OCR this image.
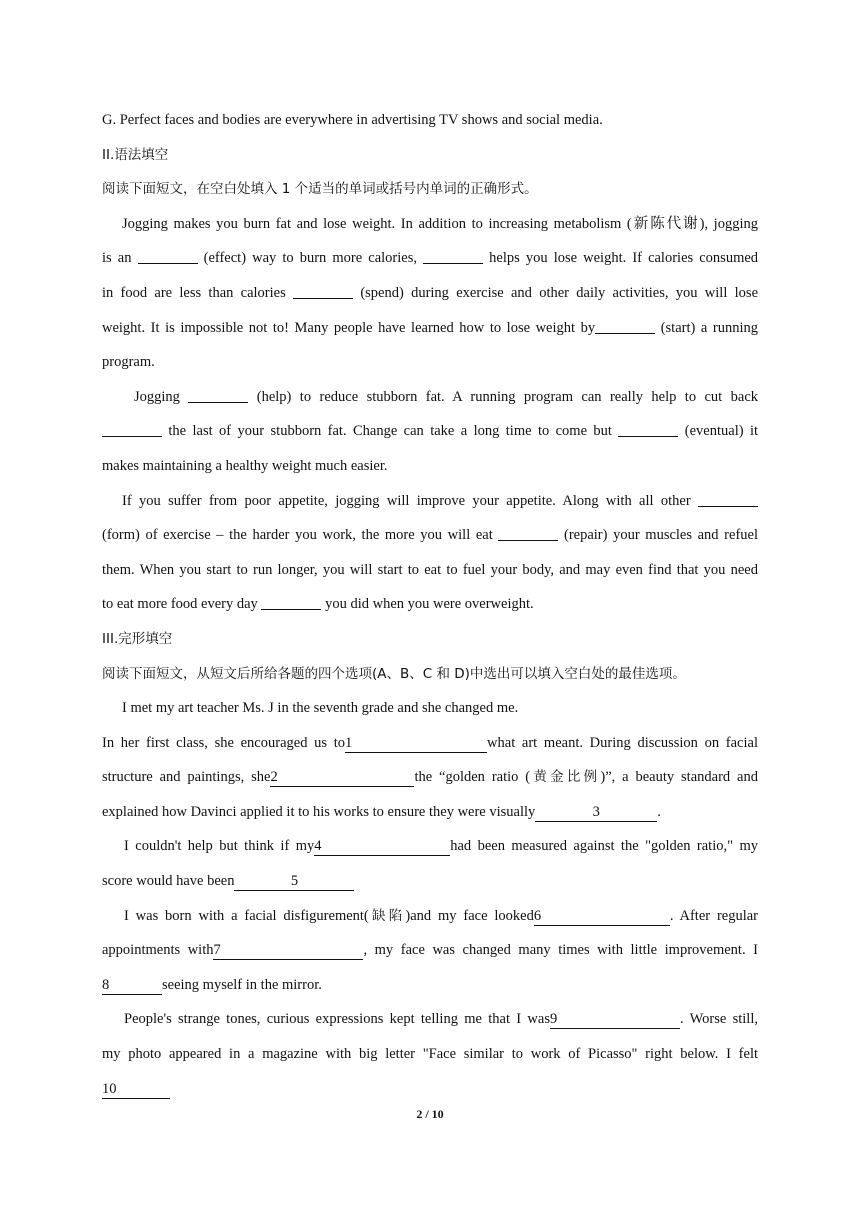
G. Perfect faces and bodies are everywhere in advertising TV shows and social media.
II.语法填空
阅读下面短文，在空白处填入 1 个适当的单词或括号内单词的正确形式。
Jogging makes you burn fat and lose weight. In addition to increasing metabolism (新陈代谢), jogging
is an	(effect) way to burn more calories,	helps you lose weight. If calories consumed
in food are less than calories	(spend) during exercise and other daily activities, you will lose
weight. It is impossible not to! Many people have learned how to lose weight by	(start) a running
program.
Jogging	(help) to reduce stubborn fat. A running program can really help to cut back
the last of your stubborn fat. Change can take a long time to come but	(eventual) it
makes maintaining a healthy weight much easier.
If you suffer from poor appetite, jogging will improve your appetite. Along with all other
(form) of exercise – the harder you work, the more you will eat	(repair) your muscles and refuel
them. When you start to run longer, you will start to eat to fuel your body, and may even find that you need
to eat more food every day	you did when you were overweight.
III.完形填空
阅读下面短文，从短文后所给各题的四个选项(A、B、C 和 D)中选出可以填入空白处的最佳选项。
I met my art teacher Ms. J in the seventh grade and she changed me.
In her first class, she encouraged us to1	what art meant. During discussion on facial
structure and paintings, she2	the “golden ratio (黄金比例)”, a beauty standard and
explained how Davinci applied it to his works to ensure they were visually	3	.
I couldn't help but think if my4	had been measured against the "golden ratio," my
score would have been	5
I was born with a facial disfigurement(缺陷)and my face looked6	. After regular
appointments with7	, my face was changed many times with little improvement. I
8	seeing myself in the mirror.
People's strange tones, curious expressions kept telling me that I was9	. Worse still,
my photo appeared in a magazine with big letter "Face similar to work of Picasso" right below. I felt
10
2 / 10
